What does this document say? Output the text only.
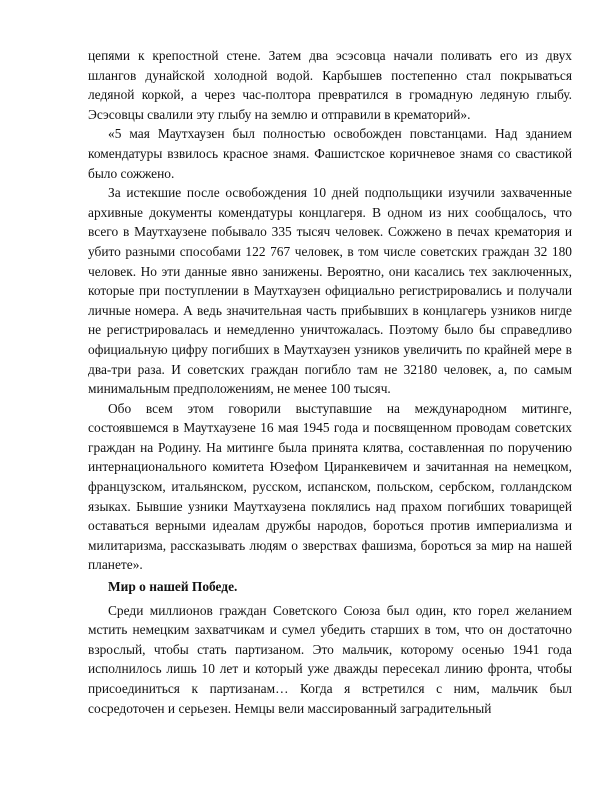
цепями к крепостной стене. Затем два эсэсовца начали поливать его из двух шлангов дунайской холодной водой. Карбышев постепенно стал покрываться ледяной коркой, а через час-полтора превратился в громадную ледяную глыбу. Эсэсовцы свалили эту глыбу на землю и отправили в крематорий».

«5 мая Маутхаузен был полностью освобожден повстанцами. Над зданием комендатуры взвилось красное знамя. Фашистское коричневое знамя со свастикой было сожжено.

За истекшие после освобождения 10 дней подпольщики изучили захваченные архивные документы комендатуры концлагеря. В одном из них сообщалось, что всего в Маутхаузене побывало 335 тысяч человек. Сожжено в печах крематория и убито разными способами 122 767 человек, в том числе советских граждан 32 180 человек. Но эти данные явно занижены. Вероятно, они касались тех заключенных, которые при поступлении в Маутхаузен официально регистрировались и получали личные номера. А ведь значительная часть прибывших в концлагерь узников нигде не регистрировалась и немедленно уничтожалась. Поэтому было бы справедливо официальную цифру погибших в Маутхаузен узников увеличить по крайней мере в два-три раза. И советских граждан погибло там не 32180 человек, а, по самым минимальным предположениям, не менее 100 тысяч.

Обо всем этом говорили выступавшие на международном митинге, состоявшемся в Маутхаузене 16 мая 1945 года и посвященном проводам советских граждан на Родину. На митинге была принята клятва, составленная по поручению интернационального комитета Юзефом Циранкевичем и зачитанная на немецком, французском, итальянском, русском, испанском, польском, сербском, голландском языках. Бывшие узники Маутхаузена поклялись над прахом погибших товарищей оставаться верными идеалам дружбы народов, бороться против империализма и милитаризма, рассказывать людям о зверствах фашизма, бороться за мир на нашей планете».

Мир о нашей Победе.

Среди миллионов граждан Советского Союза был один, кто горел желанием мстить немецким захватчикам и сумел убедить старших в том, что он достаточно взрослый, чтобы стать партизаном. Это мальчик, которому осенью 1941 года исполнилось лишь 10 лет и который уже дважды пересекал линию фронта, чтобы присоединиться к партизанам… Когда я встретился с ним, мальчик был сосредоточен и серьезен. Немцы вели массированный заградительный
